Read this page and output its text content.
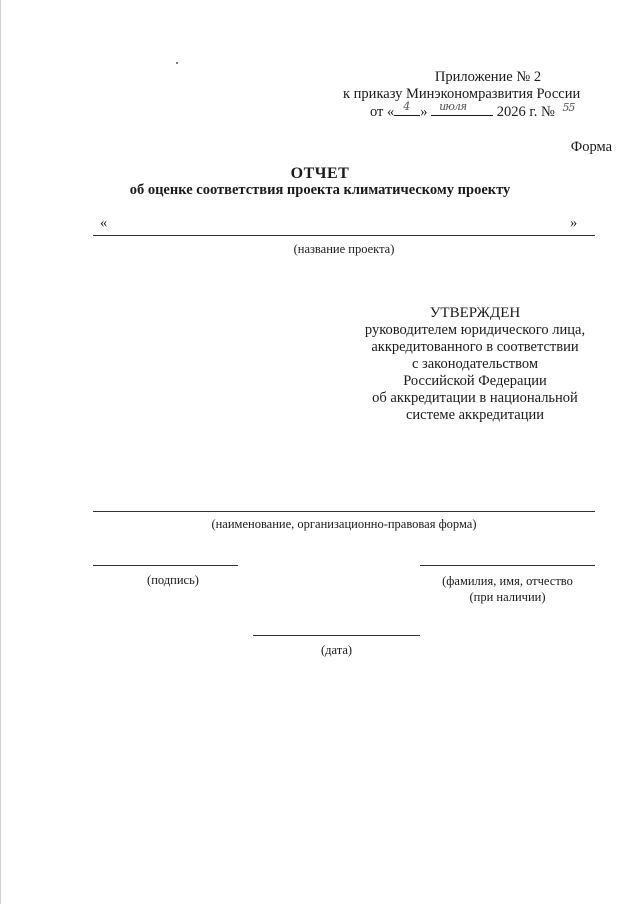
Приложение № 2
к приказу Минэкономразвития России
от « 4 » июля 2026 г. № 55
Форма
ОТЧЕТ
об оценке соответствия проекта климатическому проекту
«	»
(название проекта)
УТВЕРЖДЕН
руководителем юридического лица,
аккредитованного в соответствии
с законодательством
Российской Федерации
об аккредитации в национальной
системе аккредитации
(наименование, организационно-правовая форма)
(подпись)	(фамилия, имя, отчество
(при наличии)
(дата)
